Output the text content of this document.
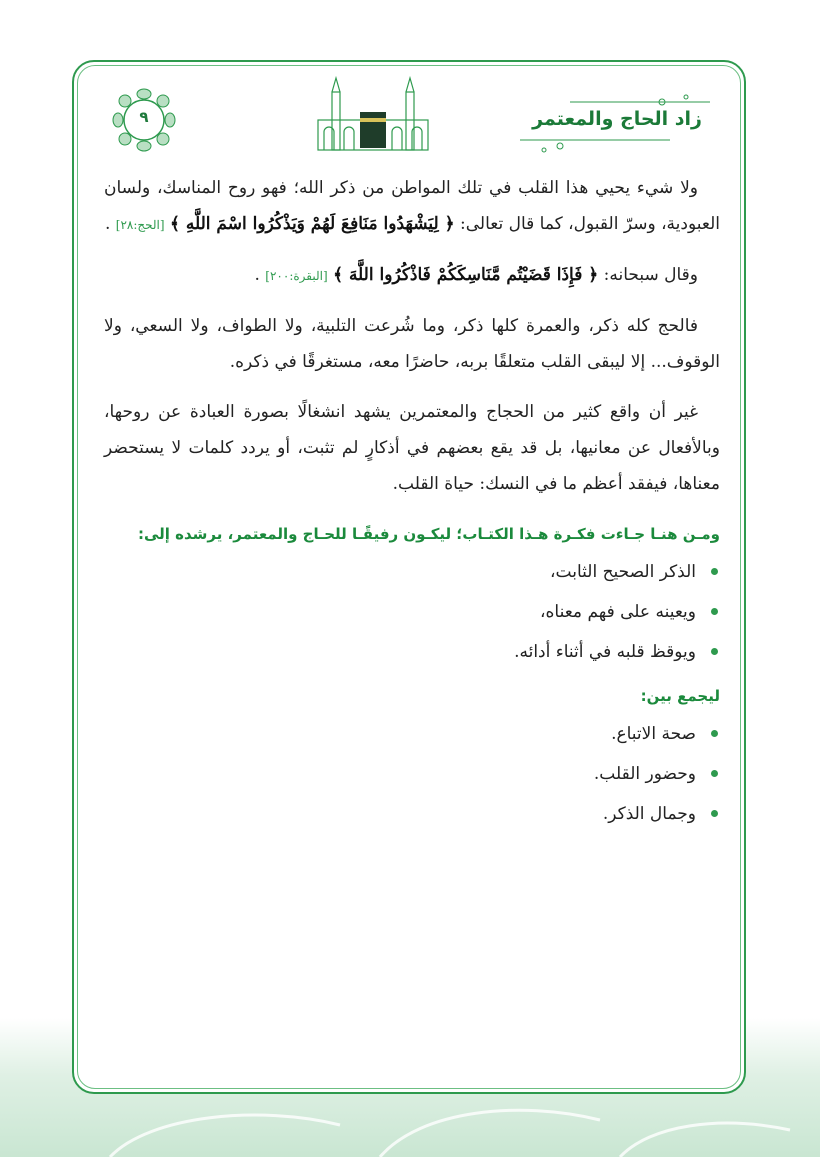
٩	زاد الحاج والمعتمر

ولا شيء يحيي هذا القلب في تلك المواطن من ذكر الله؛ فهو روح المناسك، ولسان العبودية، وسرّ القبول، كما قال تعالى: ﴿ لِيَشْهَدُوا مَنَافِعَ لَهُمْ وَيَذْكُرُوا اسْمَ اللَّهِ ﴾ [الحج:٢٨] .

وقال سبحانه: ﴿ فَإِذَا قَضَيْتُم مَّنَاسِكَكُمْ فَاذْكُرُوا اللَّهَ ﴾ [البقرة:٢٠٠] .

فالحج كله ذكر، والعمرة كلها ذكر، وما شُرعت التلبية، ولا الطواف، ولا السعي، ولا الوقوف... إلا ليبقى القلب متعلقًا بربه، حاضرًا معه، مستغرقًا في ذكره.

غير أن واقع كثير من الحجاج والمعتمرين يشهد انشغالًا بصورة العبادة عن روحها، وبالأفعال عن معانيها، بل قد يقع بعضهم في أذكارٍ لم تثبت، أو يردد كلمات لا يستحضر معناها، فيفقد أعظم ما في النسك: حياة القلب.

ومـن هنـا جـاءت فكـرة هـذا الكتـاب؛ ليكـون رفيقًـا للحـاج والمعتمر، يرشده إلى:

الذكر الصحيح الثابت،
ويعينه على فهم معناه،
ويوقظ قلبه في أثناء أدائه.
ليجمع بين:
صحة الاتباع.
وحضور القلب.
وجمال الذكر.
